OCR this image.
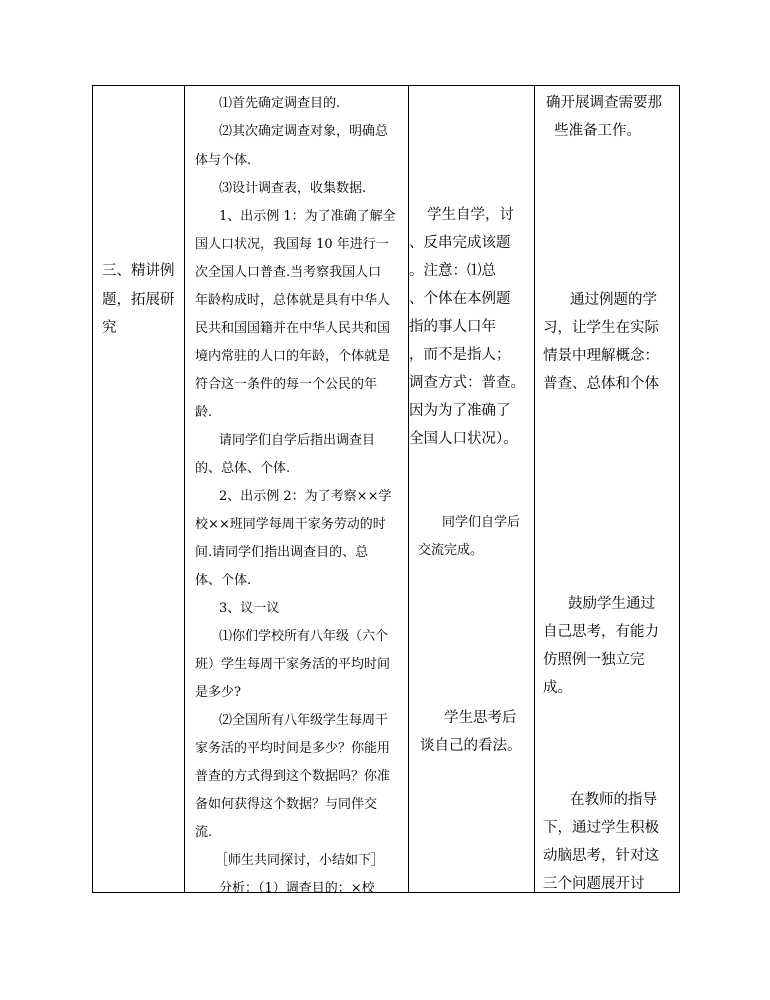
三、精讲例
题，拓展研
究
⑴首先确定调查目的.
⑵其次确定调查对象，明确总
体与个体.
⑶设计调查表，收集数据.
1、出示例 1：为了准确了解全
国人口状况，我国每 10 年进行一
次全国人口普查.当考察我国人口
年龄构成时，总体就是具有中华人
民共和国国籍并在中华人民共和国
境内常驻的人口的年龄，个体就是
符合这一条件的每一个公民的年
龄.
请同学们自学后指出调查目
的、总体、个体.
2、出示例 2：为了考察××学
校××班同学每周干家务劳动的时
间.请同学们指出调查目的、总
体、个体.
3、议一议
⑴你们学校所有八年级（六个
班）学生每周干家务活的平均时间
是多少?
⑵全国所有八年级学生每周干
家务活的平均时间是多少？你能用
普查的方式得到这个数据吗？你准
备如何获得这个数据？与同伴交
流.
［师生共同探讨，小结如下］
分析：（1）调查目的：×校
学生自学，讨
、反串完成该题
。注意：⑴总
、个体在本例题
指的事人口年
，而不是指人；
调查方式：普查。
因为为了准确了
全国人口状况）。
同学们自学后
交流完成。
学生思考后
谈自己的看法。
确开展调查需要那
些准备工作。
通过例题的学
习，让学生在实际
情景中理解概念：
普查、总体和个体
鼓励学生通过
自己思考，有能力
仿照例一独立完
成。
在教师的指导
下，通过学生积极
动脑思考，针对这
三个问题展开讨
